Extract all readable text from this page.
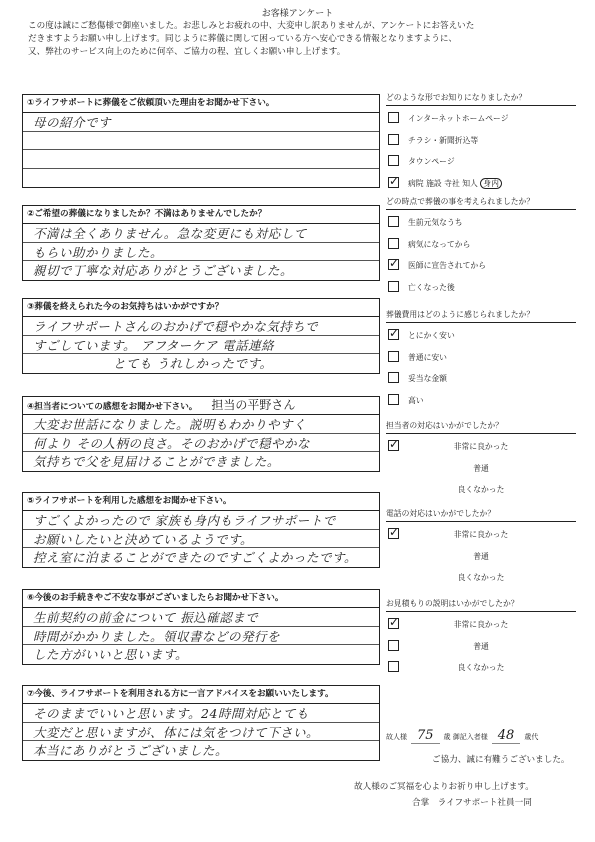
お客様アンケート
この度は誠にご愁傷様で御座いました。お悲しみとお疲れの中、大変申し訳ありませんが、アンケートにお答えいた
だきますようお願い申し上げます。同じように葬儀に関して困っている方へ安心できる情報となりますように、
又、弊社のサービス向上のために何卒、ご協力の程、宜しくお願い申し上げます。
①ライフサポートに葬儀をご依頼頂いた理由をお聞かせ下さい。
母の紹介です
②ご希望の葬儀になりましたか？不満はありませんでしたか？
不満は全くありません。急な変更にも対応して
もらい助かりました。
親切で丁寧な対応ありがとうございました。
③葬儀を終えられた今のお気持ちはいかがですか？
ライフサポートさんのおかげで穏やかな気持ちで
すごしています。 アフターケア 電話連絡
とても うれしかったです。
④担当者についての感想をお聞かせ下さい。 担当の平野さん
大変お世話になりました。説明もわかりやすく
何より その人柄の良さ。そのおかげで穏やかな
気持ちで父を見届けることができました。
⑤ライフサポートを利用した感想をお聞かせ下さい。
すごくよかったので 家族も身内もライフサポートで
お願いしたいと決めているようです。
控え室に泊まることができたのですごくよかったです。
⑥今後のお手続きやご不安な事がございましたらお聞かせ下さい。
生前契約の前金について 振込確認まで
時間がかかりました。領収書などの発行を
した方がいいと思います。
⑦今後、ライフサポートを利用される方に一言アドバイスをお願いいたします。
そのままでいいと思います。24時間対応とても
大変だと思いますが、体には気をつけて下さい。
本当にありがとうございました。
どのような形でお知りになりましたか？
インターネットホームページ
チラシ・新聞折込等
タウンページ
✓
病院 施設 寺社 知人 身内
どの時点で葬儀の事を考えられましたか？
生前元気なうち
病気になってから
✓
医師に宣告されてから
亡くなった後
葬儀費用はどのように感じられましたか？
✓
とにかく安い
普通に安い
妥当な金額
高い
担当者の対応はいかがでしたか？
✓
非常に良かった
普通
良くなかった
電話の対応はいかがでしたか？
✓
非常に良かった
普通
良くなかった
お見積もりの説明はいかがでしたか？
✓
非常に良かった
普通
良くなかった
故人様 75 歳 御記入者様 48 歳代
ご協力、誠に有難うございました。
故人様のご冥福を心よりお祈り申し上げます。
合掌　ライフサポート社員一同
